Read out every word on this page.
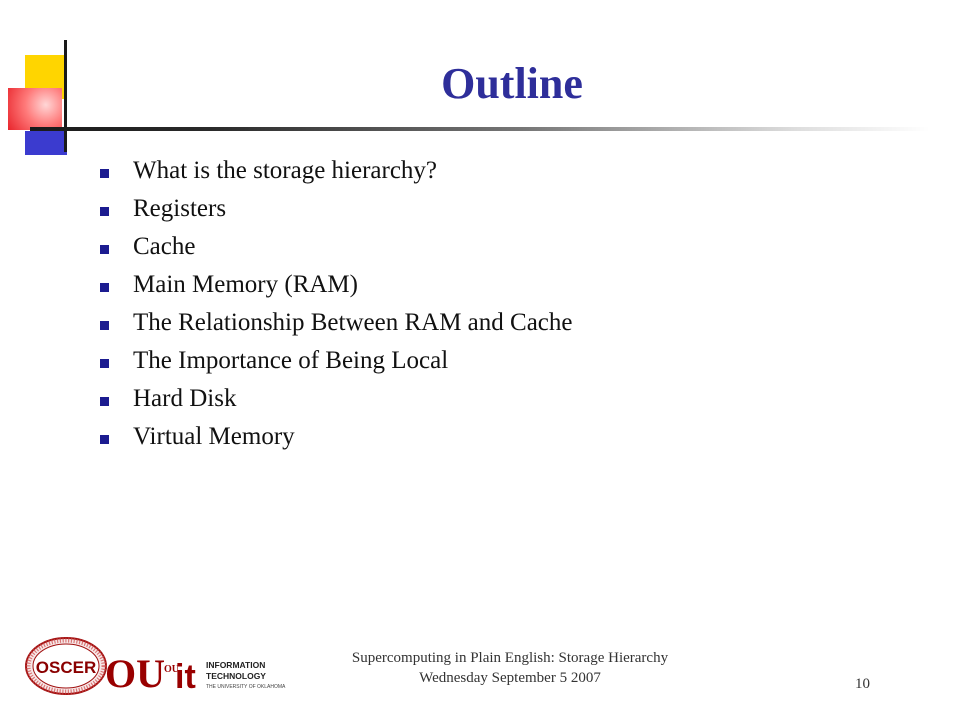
Outline
What is the storage hierarchy?
Registers
Cache
Main Memory (RAM)
The Relationship Between RAM and Cache
The Importance of Being Local
Hard Disk
Virtual Memory
OSCER OU OU
it INFORMATION
TECHNOLOGY
THE UNIVERSITY OF OKLAHOMA
Supercomputing in Plain English: Storage Hierarchy
Wednesday September 5 2007	10
